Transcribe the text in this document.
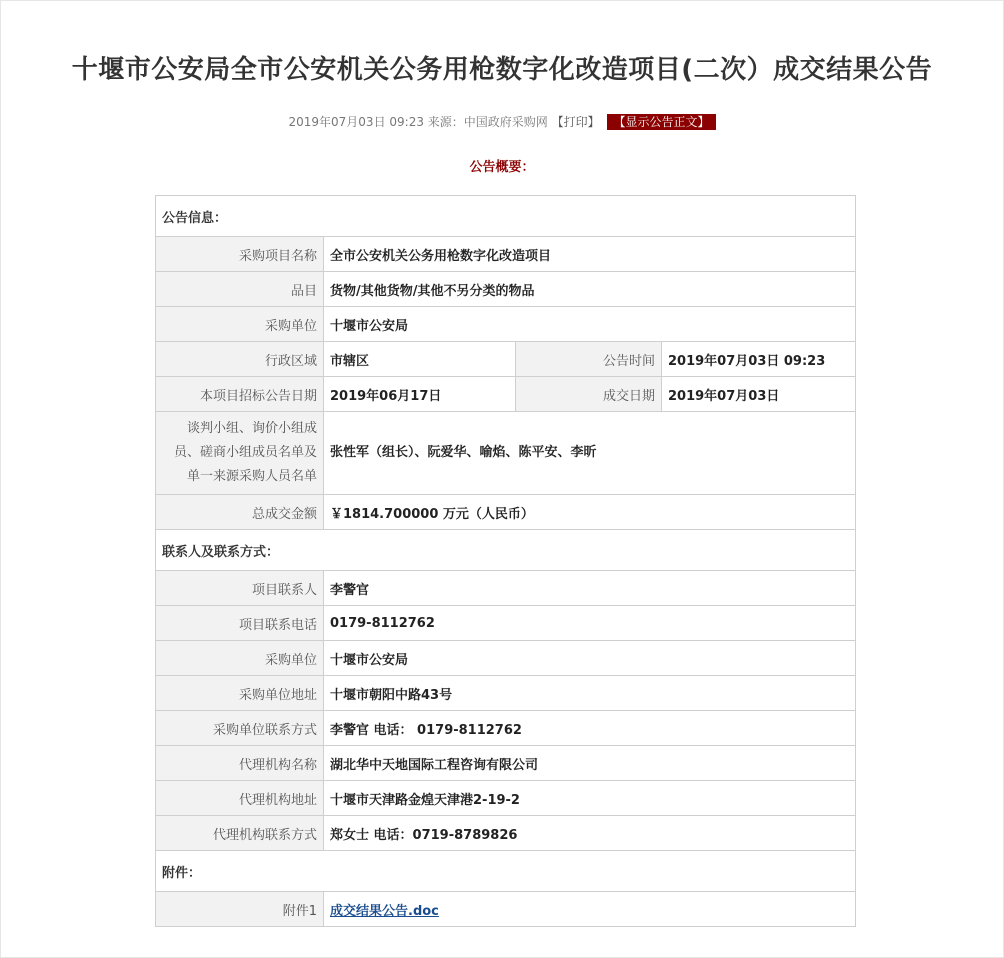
十堰市公安局全市公安机关公务用枪数字化改造项目(二次）成交结果公告
2019年07月03日 09:23 来源：中国政府采购网 【打印】 【显示公告正文】
公告概要：
公告信息：			
采购项目名称	全市公安机关公务用枪数字化改造项目		
品目	货物/其他货物/其他不另分类的物品		
采购单位	十堰市公安局		
行政区域	市辖区	公告时间	2019年07月03日 09:23
本项目招标公告日期	2019年06月17日	成交日期	2019年07月03日
谈判小组、询价小组成员、磋商小组成员名单及单一来源采购人员名单	张性军（组长）、阮爱华、喻焰、陈平安、李昕		
总成交金额	￥1814.700000 万元（人民币）		
联系人及联系方式：			
项目联系人	李警官		
项目联系电话	0179-8112762		
采购单位	十堰市公安局		
采购单位地址	十堰市朝阳中路43号		
采购单位联系方式	李警官 电话： 0179-8112762		
代理机构名称	湖北华中天地国际工程咨询有限公司		
代理机构地址	十堰市天津路金煌天津港2-19-2		
代理机构联系方式	郑女士 电话：0719-8789826		
附件：			
附件1	成交结果公告.doc		
